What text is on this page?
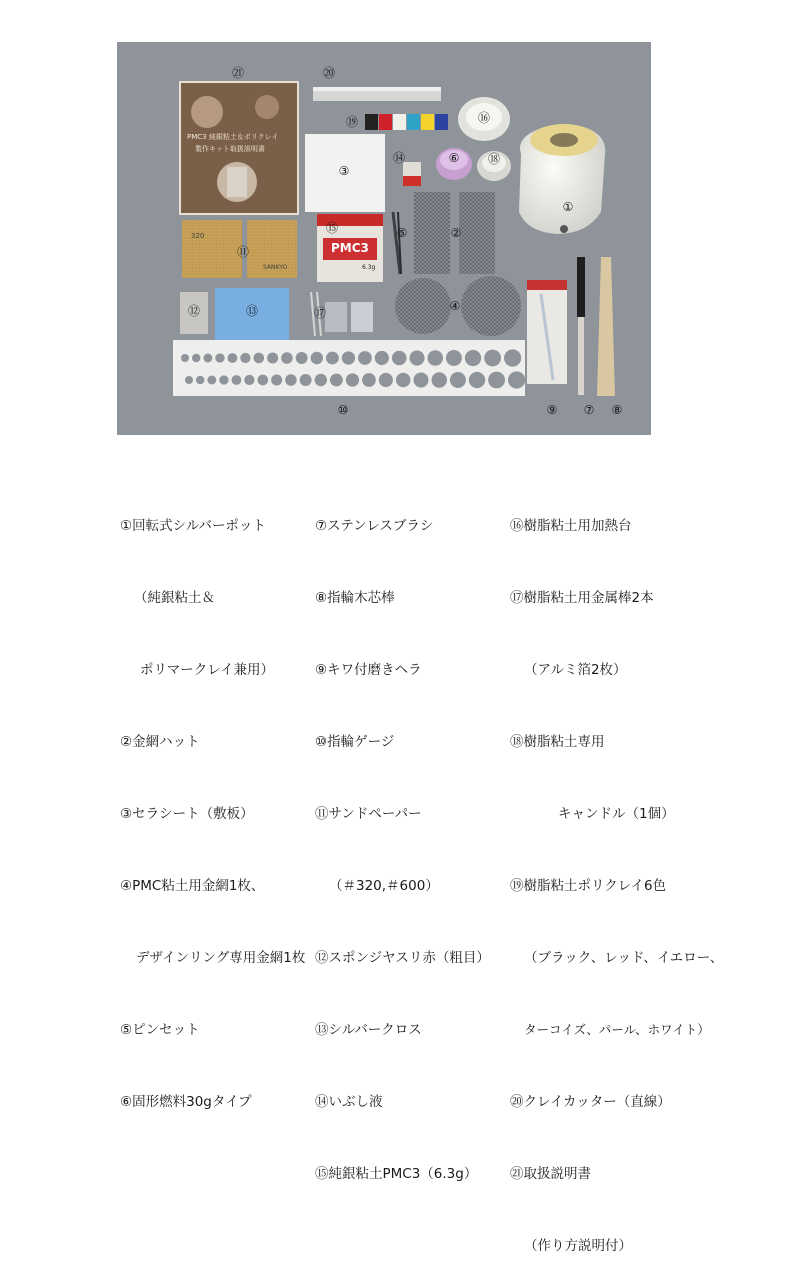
PMC3 純銀粘土＆ポリクレイ
製作キット取扱説明書
PMC3
6.3g
320
SANKYO
㉑	⑳
⑲	⑯
③
⑭	⑥ ⑱
①
⑮	⑤	②
⑪
④
⑫	⑬	⑰
⑨ ⑦ ⑧
⑩

①回転式シルバーポット

（純銀粘土＆

ポリマークレイ兼用）

②金網ハット

③セラシート（敷板）

④PMC粘土用金網1枚、

デザインリング専用金網1枚

⑤ピンセット

⑥固形燃料30gタイプ

⑦ステンレスブラシ

⑧指輪木芯棒

⑨キワ付磨きヘラ

⑩指輪ゲージ

⑪サンドペーパー

（＃320,＃600）

⑫スポンジヤスリ赤（粗目）

⑬シルバークロス

⑭いぶし液

⑮純銀粘土PMC3（6.3g）

⑯樹脂粘土用加熱台

⑰樹脂粘土用金属棒2本

（アルミ箔2枚）

⑱樹脂粘土専用

キャンドル（1個）

⑲樹脂粘土ポリクレイ6色

（ブラック、レッド、イエロー、

ターコイズ、パール、ホワイト）

⑳クレイカッター（直線）

㉑取扱説明書

（作り方説明付）
